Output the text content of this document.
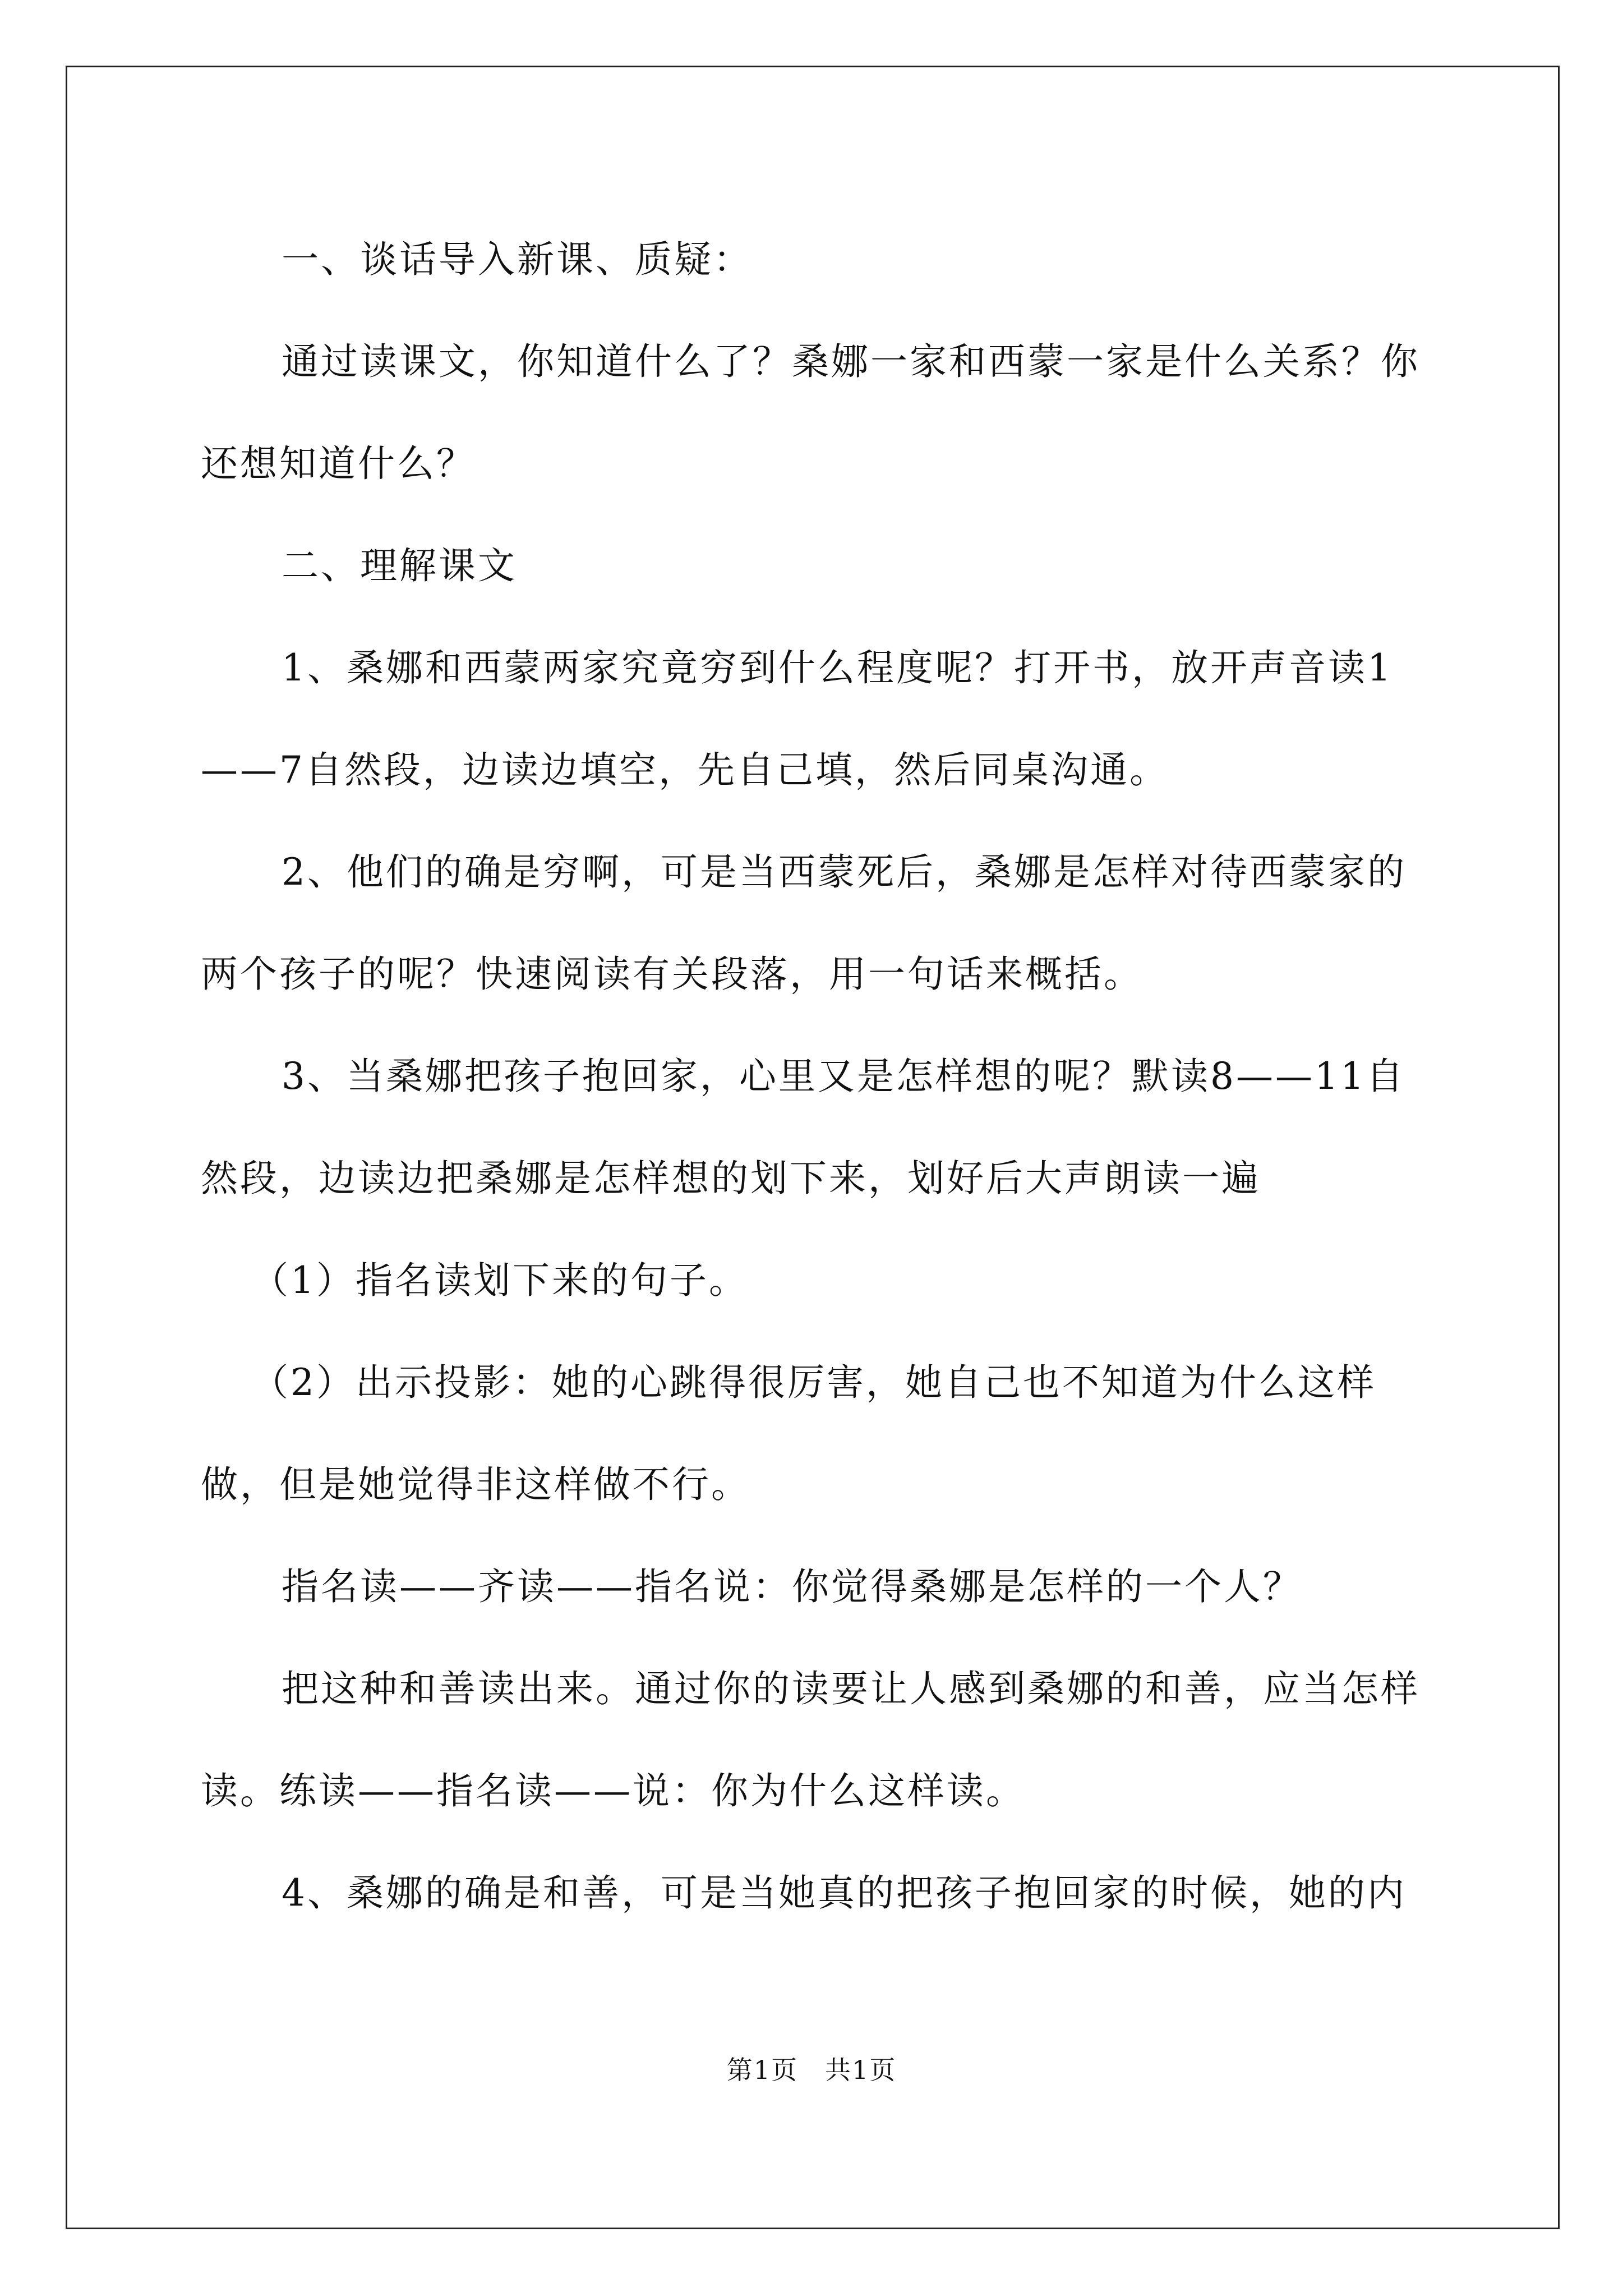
一、谈话导入新课、质疑：

通过读课文，你知道什么了？桑娜一家和西蒙一家是什么关系？你还想知道什么？

二、理解课文

1、桑娜和西蒙两家究竟穷到什么程度呢？打开书，放开声音读1——7自然段，边读边填空，先自己填，然后同桌沟通。

2、他们的确是穷啊，可是当西蒙死后，桑娜是怎样对待西蒙家的两个孩子的呢？快速阅读有关段落，用一句话来概括。

3、当桑娜把孩子抱回家，心里又是怎样想的呢？默读8——11自然段，边读边把桑娜是怎样想的划下来，划好后大声朗读一遍

（1）指名读划下来的句子。

（2）出示投影：她的心跳得很厉害，她自己也不知道为什么这样做，但是她觉得非这样做不行。

指名读——齐读——指名说：你觉得桑娜是怎样的一个人？

把这种和善读出来。通过你的读要让人感到桑娜的和善，应当怎样读。练读——指名读——说：你为什么这样读。

4、桑娜的确是和善，可是当她真的把孩子抱回家的时候，她的内

第1页　共1页
